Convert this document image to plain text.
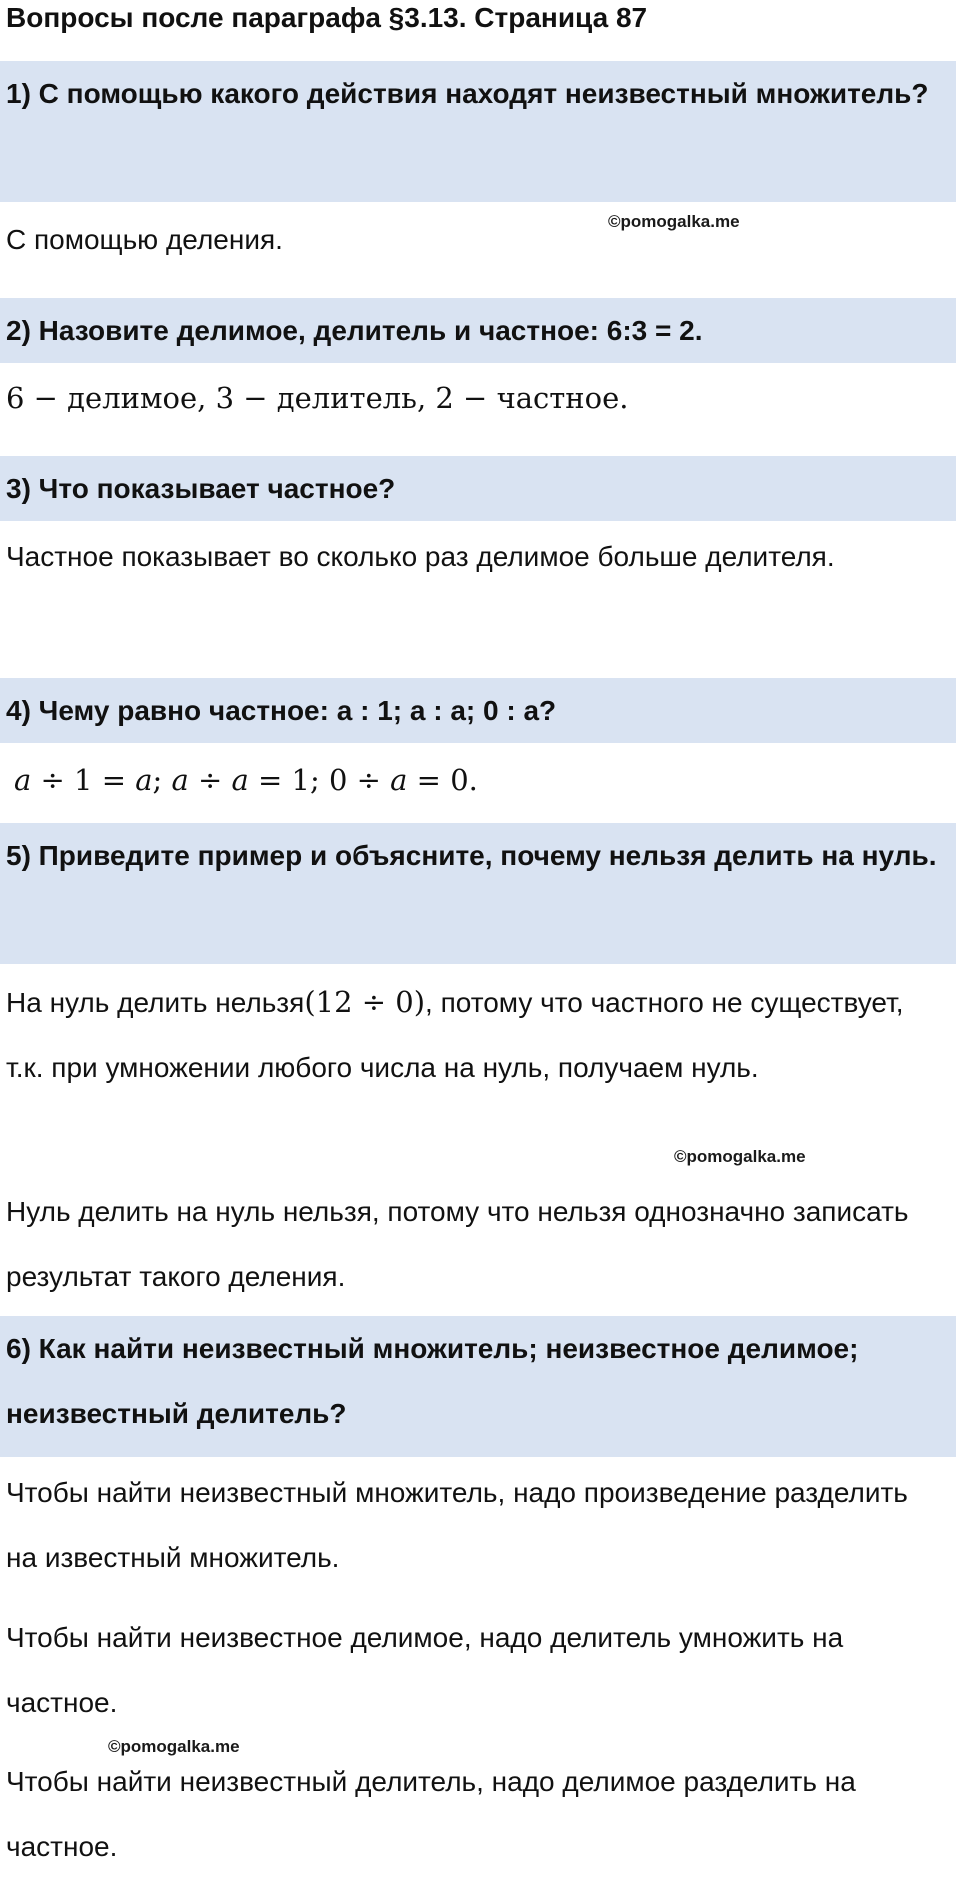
Вопросы после параграфа §3.13. Страница 87
1) С помощью какого действия находят неизвестный множитель?
С помощью деления.
©pomogalka.me
2) Назовите делимое, делитель и частное: 6:3 = 2.
6 − делимое, 3 − делитель, 2 − частное.
3) Что показывает частное?
Частное показывает во сколько раз делимое больше делителя.
4) Чему равно частное: а : 1; а : а; 0 : а?
𝑎 ÷ 1 = 𝑎; 𝑎 ÷ 𝑎 = 1; 0 ÷ 𝑎 = 0.
5) Приведите пример и объясните, почему нельзя делить на нуль.
На нуль делить нельзя(12 ÷ 0), потому что частного не существует, т.к. при умножении любого числа на нуль, получаем нуль.
©pomogalka.me
Нуль делить на нуль нельзя, потому что нельзя однозначно записать результат такого деления.
6) Как найти неизвестный множитель; неизвестное делимое; неизвестный делитель?
Чтобы найти неизвестный множитель, надо произведение разделить на известный множитель.
Чтобы найти неизвестное делимое, надо делитель умножить на частное.
©pomogalka.me
Чтобы найти неизвестный делитель, надо делимое разделить на частное.
